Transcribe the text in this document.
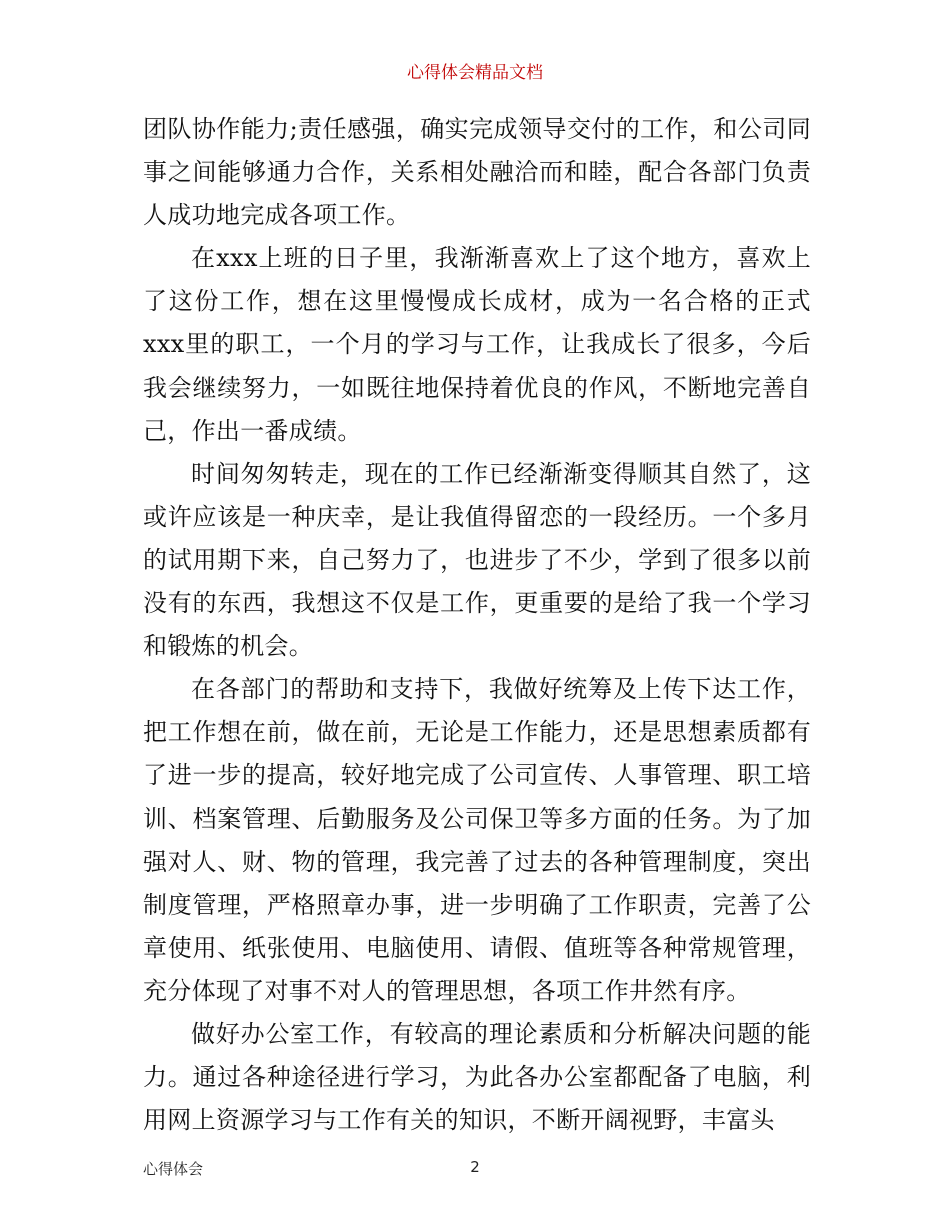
心得体会精品文档

团队协作能力;责任感强，确实完成领导交付的工作，和公司同事之间能够通力合作，关系相处融洽而和睦，配合各部门负责人成功地完成各项工作。

在xxx上班的日子里，我渐渐喜欢上了这个地方，喜欢上了这份工作，想在这里慢慢成长成材，成为一名合格的正式xxx里的职工，一个月的学习与工作，让我成长了很多，今后我会继续努力，一如既往地保持着优良的作风，不断地完善自己，作出一番成绩。

时间匆匆转走，现在的工作已经渐渐变得顺其自然了，这或许应该是一种庆幸，是让我值得留恋的一段经历。一个多月的试用期下来，自己努力了，也进步了不少，学到了很多以前没有的东西，我想这不仅是工作，更重要的是给了我一个学习和锻炼的机会。

在各部门的帮助和支持下，我做好统筹及上传下达工作，把工作想在前，做在前，无论是工作能力，还是思想素质都有了进一步的提高，较好地完成了公司宣传、人事管理、职工培训、档案管理、后勤服务及公司保卫等多方面的任务。为了加强对人、财、物的管理，我完善了过去的各种管理制度，突出制度管理，严格照章办事，进一步明确了工作职责，完善了公章使用、纸张使用、电脑使用、请假、值班等各种常规管理，充分体现了对事不对人的管理思想，各项工作井然有序。

做好办公室工作，有较高的理论素质和分析解决问题的能力。通过各种途径进行学习，为此各办公室都配备了电脑，利用网上资源学习与工作有关的知识，不断开阔视野，丰富头

心得体会	2
